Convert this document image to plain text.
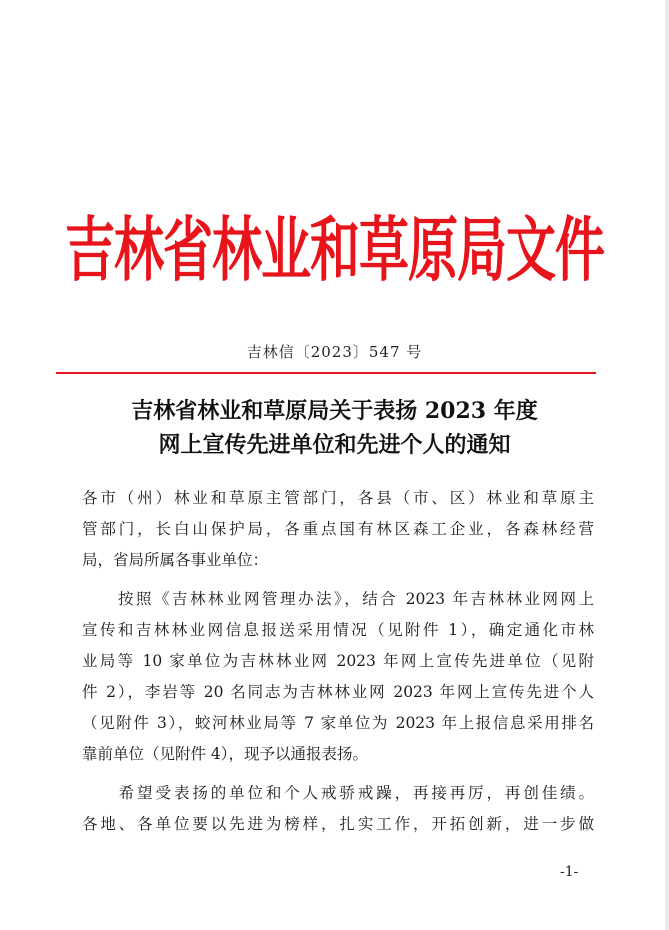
吉林省林业和草原局文件
吉林信〔2023〕547 号
吉林省林业和草原局关于表扬 2023 年度
网上宣传先进单位和先进个人的通知
各市（州）林业和草原主管部门，各县（市、区）林业和草原主
管部门，长白山保护局，各重点国有林区森工企业，各森林经营
局，省局所属各事业单位：
　　按照《吉林林业网管理办法》，结合 2023 年吉林林业网网上
宣传和吉林林业网信息报送采用情况（见附件 1），确定通化市林
业局等 10 家单位为吉林林业网 2023 年网上宣传先进单位（见附
件 2），李岩等 20 名同志为吉林林业网 2023 年网上宣传先进个人
（见附件 3），蛟河林业局等 7 家单位为 2023 年上报信息采用排名
靠前单位（见附件 4），现予以通报表扬。
　　希望受表扬的单位和个人戒骄戒躁，再接再厉，再创佳绩。
各地、各单位要以先进为榜样，扎实工作，开拓创新，进一步做
-1-
